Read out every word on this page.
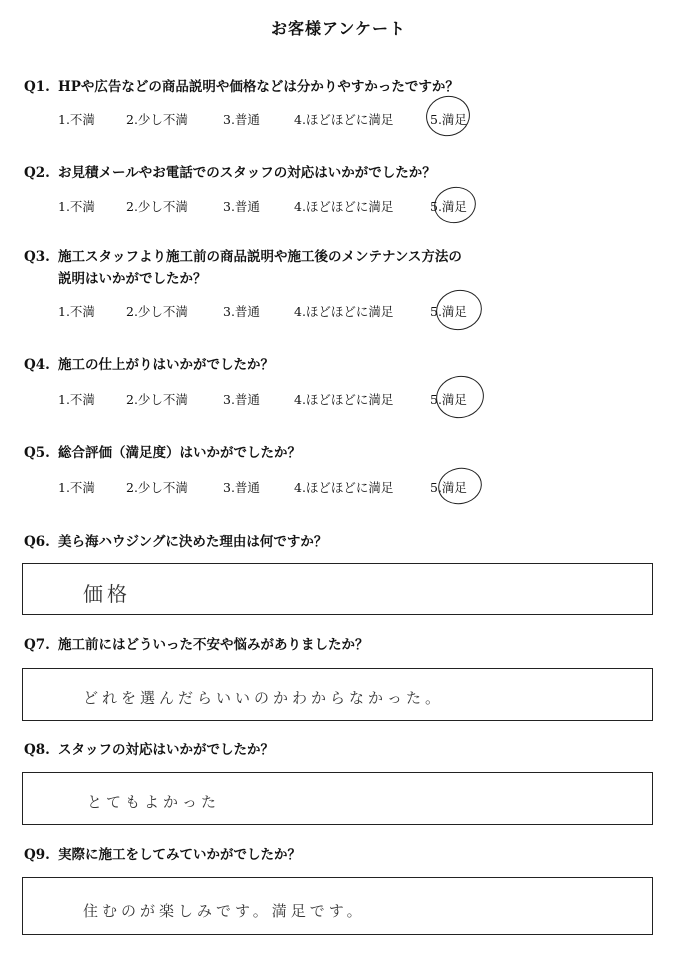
お客様アンケート
Q1. HPや広告などの商品説明や価格などは分かりやすかったですか？
1.不満 2.少し不満	3.普通	4.ほどほどに満足	5.満足
Q2. お見積メールやお電話でのスタッフの対応はいかがでしたか？
1.不満 2.少し不満	3.普通	4.ほどほどに満足	5.満足
Q3. 施工スタッフより施工前の商品説明や施工後のメンテナンス方法の
説明はいかがでしたか？
1.不満 2.少し不満	3.普通	4.ほどほどに満足	5.満足
Q4. 施工の仕上がりはいかがでしたか？
1.不満 2.少し不満	3.普通	4.ほどほどに満足	5.満足
Q5. 総合評価（満足度）はいかがでしたか？
1.不満 2.少し不満	3.普通	4.ほどほどに満足	5.満足
Q6. 美ら海ハウジングに決めた理由は何ですか？
価格
Q7. 施工前にはどういった不安や悩みがありましたか？
どれを選んだらいいのかわからなかった。
Q8. スタッフの対応はいかがでしたか？
とてもよかった
Q9. 実際に施工をしてみていかがでしたか？
住むのが楽しみです。満足です。
